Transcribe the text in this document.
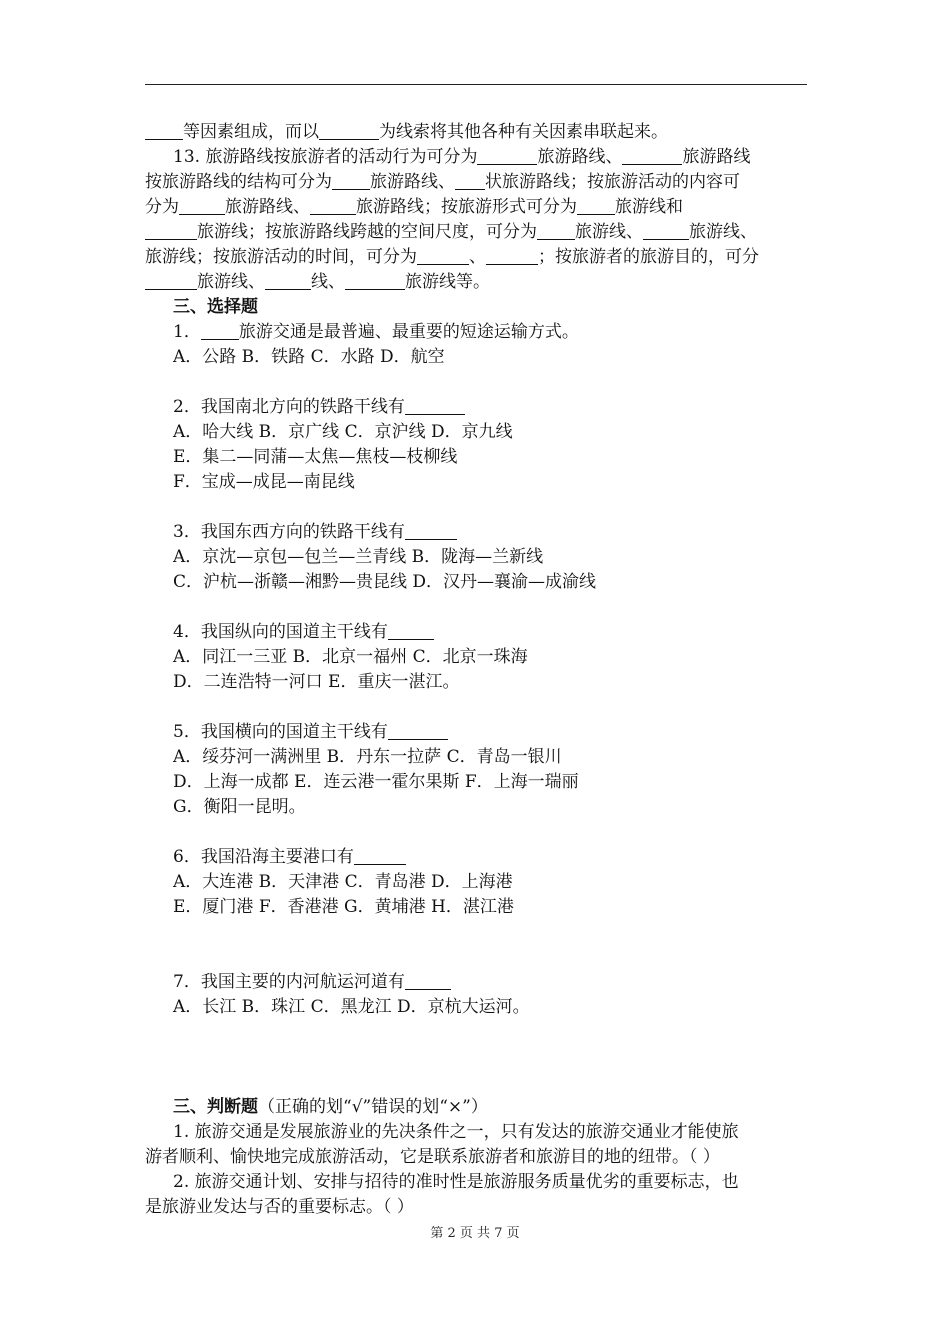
等因素组成，而以	为线索将其他各种有关因素串联起来。
13. 旅游路线按旅游者的活动行为可分为	旅游路线、	旅游路线
按旅游路线的结构可分为 旅游路线、 状旅游路线；按旅游活动的内容可
分为	旅游路线、	旅游路线；按旅游形式可分为 旅游线和
旅游线；按旅游路线跨越的空间尺度，可分为 旅游线、	旅游线、
旅游线；按旅游活动的时间，可分为	、	；按旅游者的旅游目的，可分
旅游线、	线、	旅游线等。
三、选择题
1． 旅游交通是最普遍、最重要的短途运输方式。
A．公路 B．铁路 C．水路 D．航空
2．我国南北方向的铁路干线有
A．哈大线 B．京广线 C．京沪线 D．京九线
E．集二—同蒲—太焦—焦枝—枝柳线
F．宝成—成昆—南昆线
3．我国东西方向的铁路干线有
A．京沈—京包—包兰—兰青线 B．陇海—兰新线
C．沪杭—浙赣—湘黔—贵昆线 D．汉丹—襄渝—成渝线
4．我国纵向的国道主干线有
A．同江一三亚 B．北京一福州 C．北京一珠海
D．二连浩特一河口 E．重庆一湛江。
5．我国横向的国道主干线有
A．绥芬河一满洲里 B．丹东一拉萨 C．青岛一银川
D．上海一成都 E．连云港一霍尔果斯 F．上海一瑞丽
G．衡阳一昆明。
6．我国沿海主要港口有
A．大连港 B．天津港 C．青岛港 D．上海港
E．厦门港 F．香港港 G．黄埔港 H．湛江港
7．我国主要的内河航运河道有
A．长江 B．珠江 C．黑龙江 D．京杭大运河。
三、判断题（正确的划“√”错误的划“×”）
1. 旅游交通是发展旅游业的先决条件之一，只有发达的旅游交通业才能使旅
游者顺利、愉快地完成旅游活动，它是联系旅游者和旅游目的地的纽带。（ ）
2. 旅游交通计划、安排与招待的准时性是旅游服务质量优劣的重要标志，也
是旅游业发达与否的重要标志。（ ）
第 2 页 共 7 页
